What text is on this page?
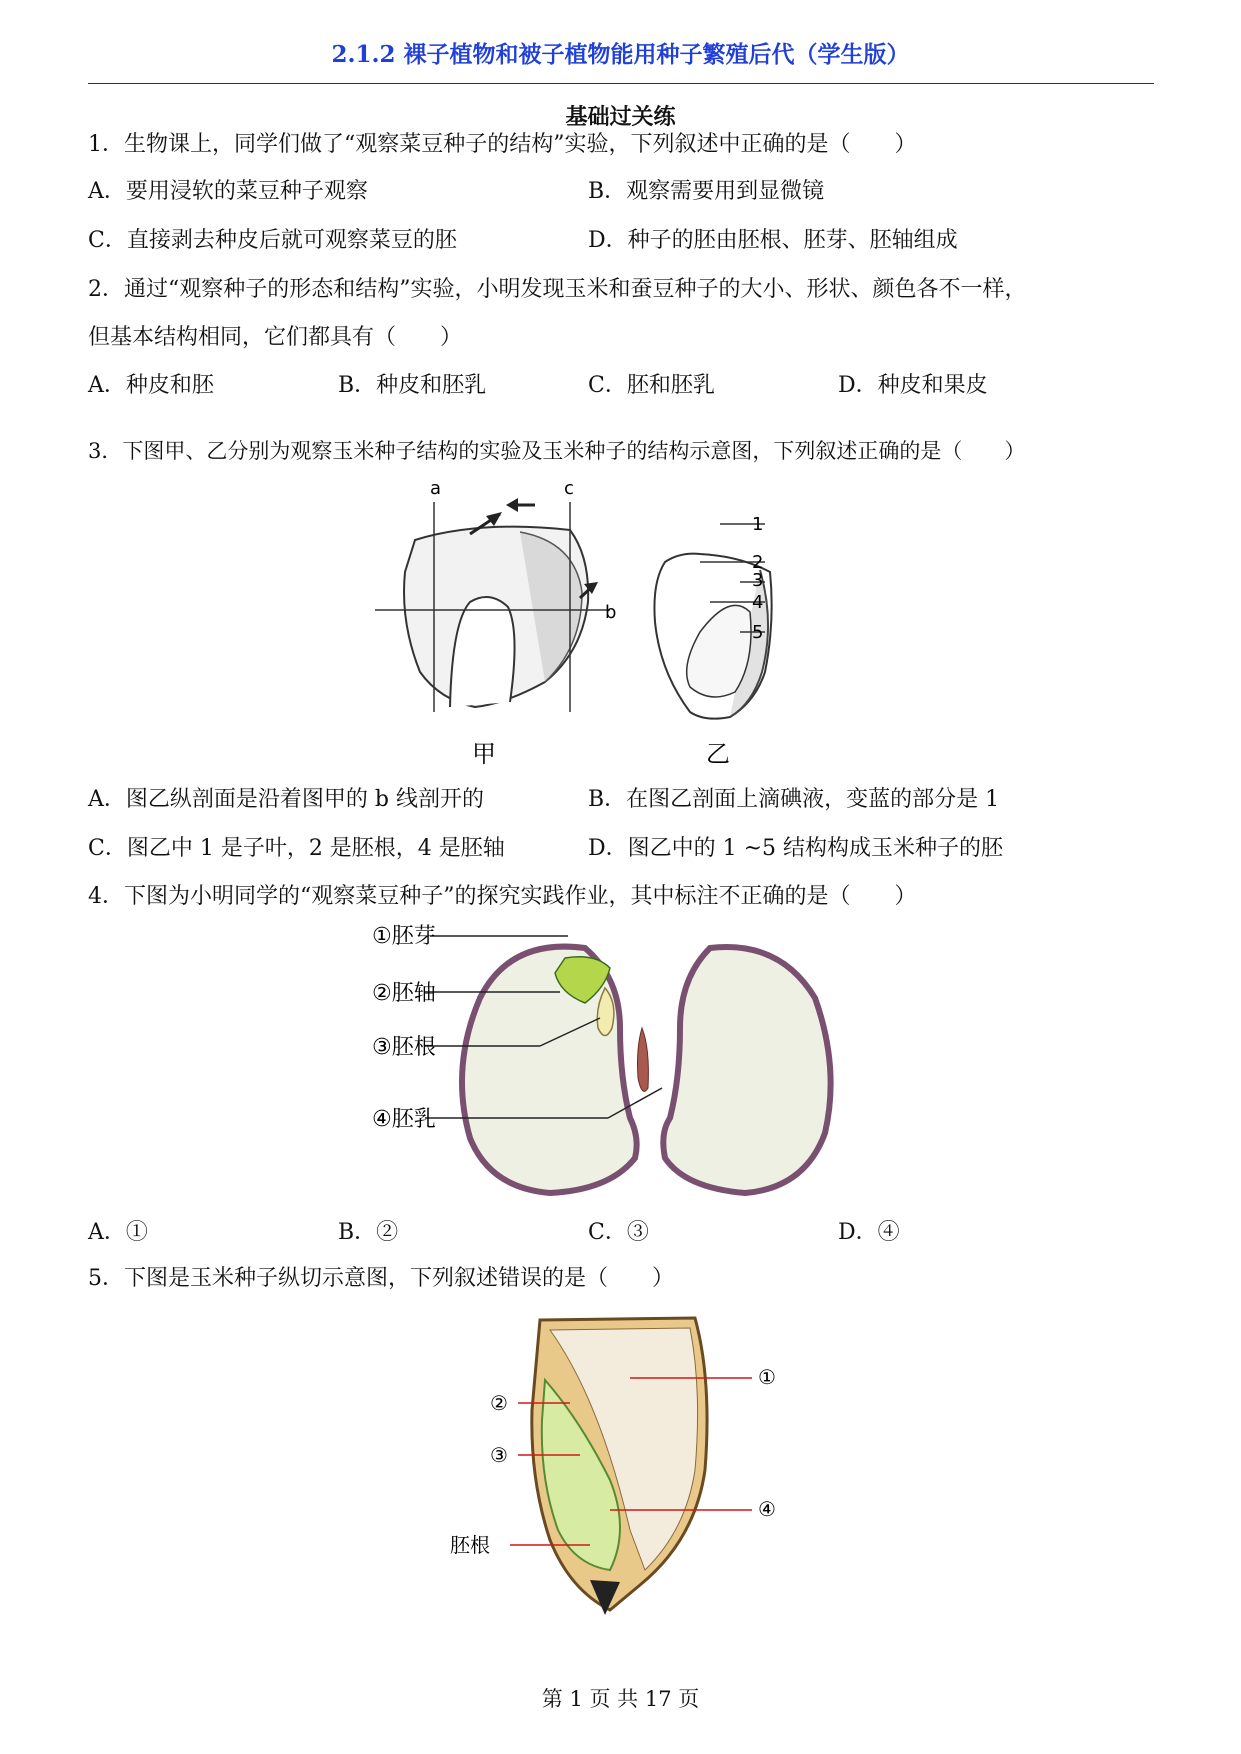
2.1.2 裸子植物和被子植物能用种子繁殖后代（学生版）
基础过关练
1．生物课上，同学们做了“观察菜豆种子的结构”实验，下列叙述中正确的是（　　）
A．要用浸软的菜豆种子观察	B．观察需要用到显微镜
C．直接剥去种皮后就可观察菜豆的胚	D．种子的胚由胚根、胚芽、胚轴组成
2．通过“观察种子的形态和结构”实验，小明发现玉米和蚕豆种子的大小、形状、颜色各不一样，
但基本结构相同，它们都具有（　　）
A．种皮和胚	B．种皮和胚乳	C．胚和胚乳	D．种皮和果皮
3．下图甲、乙分别为观察玉米种子结构的实验及玉米种子的结构示意图，下列叙述正确的是（　　）
a
b
c
甲
1
2
3
4
5
乙
A．图乙纵剖面是沿着图甲的 b 线剖开的	B．在图乙剖面上滴碘液，变蓝的部分是 1
C．图乙中 1 是子叶，2 是胚根，4 是胚轴	D．图乙中的 1 ~5 结构构成玉米种子的胚
4．下图为小明同学的“观察菜豆种子”的探究实践作业，其中标注不正确的是（　　）
①胚芽
②胚轴
③胚根
④胚乳
A．①	B．②	C．③	D．④
5．下图是玉米种子纵切示意图，下列叙述错误的是（　　）
①
②
③
④
胚根
第 1 页 共 17 页
